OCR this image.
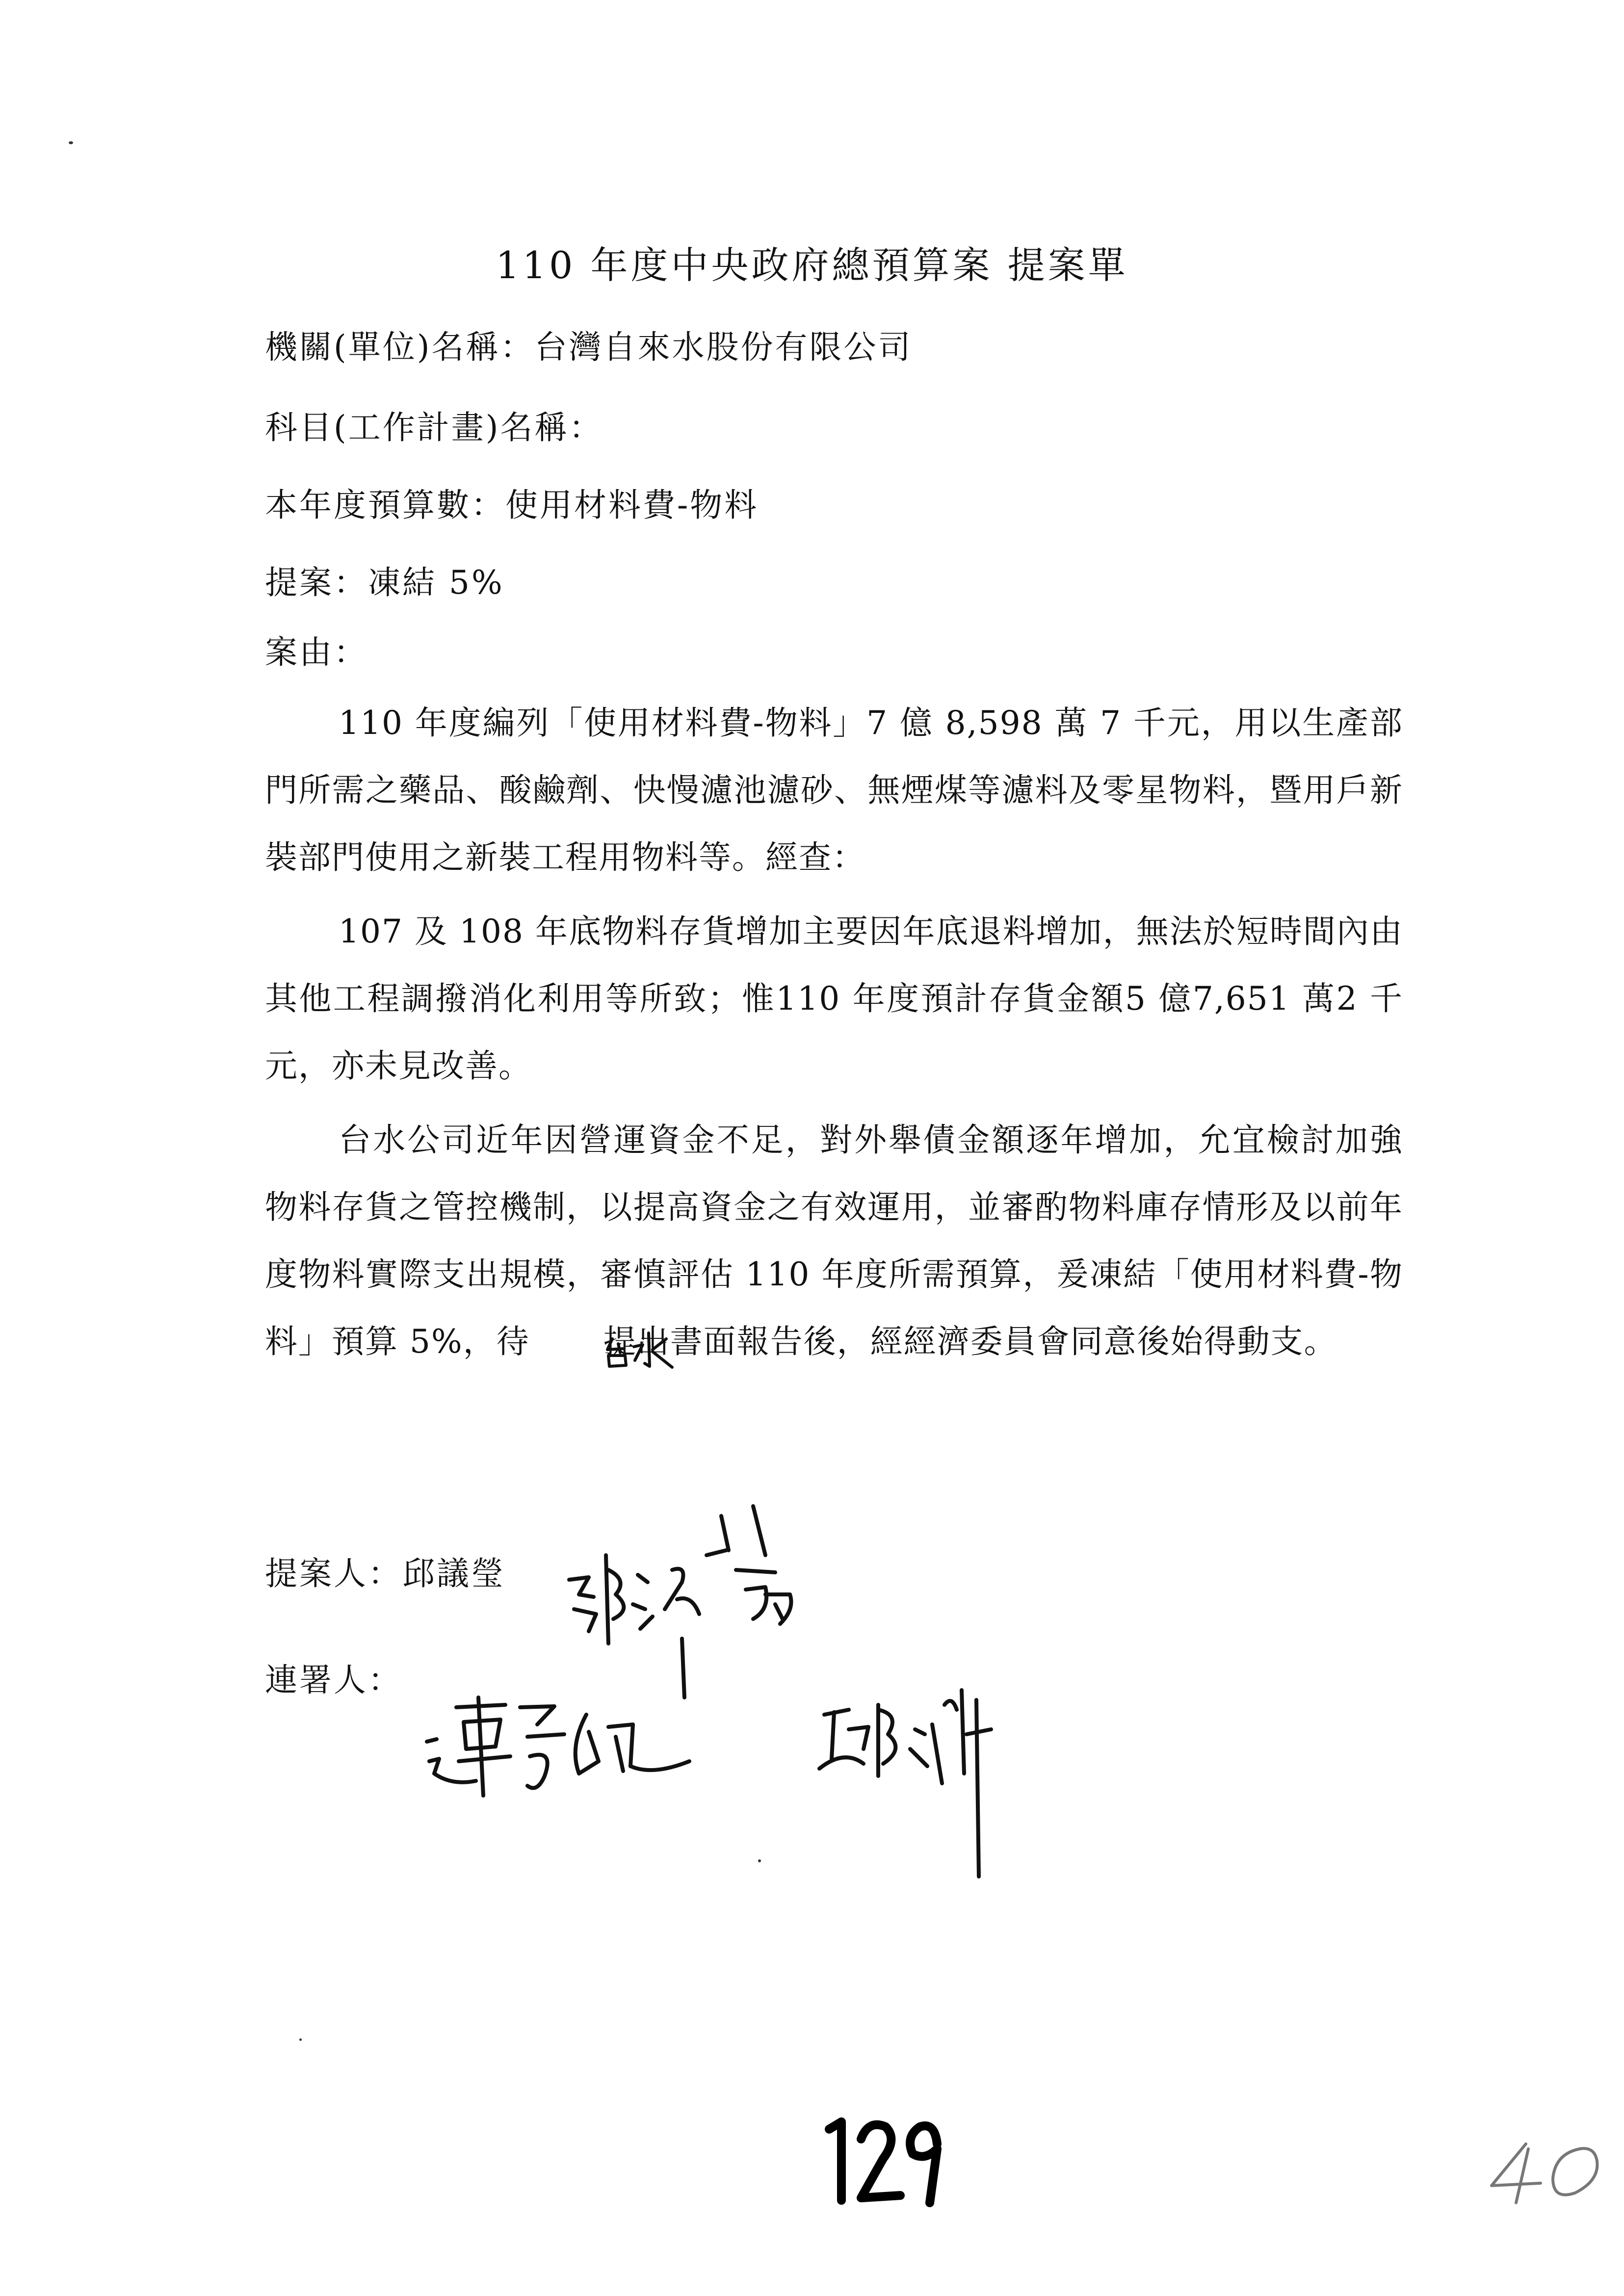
110 年度中央政府總預算案 提案單
機關(單位)名稱：台灣自來水股份有限公司
科目(工作計畫)名稱：
本年度預算數：使用材料費-物料
提案：凍結 5%
案由：

110 年度編列「使用材料費-物料」7 億 8,598 萬 7 千元，用以生產部門所需之藥品、酸鹼劑、快慢濾池濾砂、無煙煤等濾料及零星物料，暨用戶新裝部門使用之新裝工程用物料等。經查：

107 及 108 年底物料存貨增加主要因年底退料增加，無法於短時間內由其他工程調撥消化利用等所致；惟110 年度預計存貨金額5 億7,651 萬2 千元，亦未見改善。

台水公司近年因營運資金不足，對外舉債金額逐年增加，允宜檢討加強物料存貨之管控機制，以提高資金之有效運用，並審酌物料庫存情形及以前年度物料實際支出規模，審慎評估 110 年度所需預算，爰凍結「使用材料費-物料」預算 5%，待 提出書面報告後，經經濟委員會同意後始得動支。

提案人：邱議瑩
連署人：
